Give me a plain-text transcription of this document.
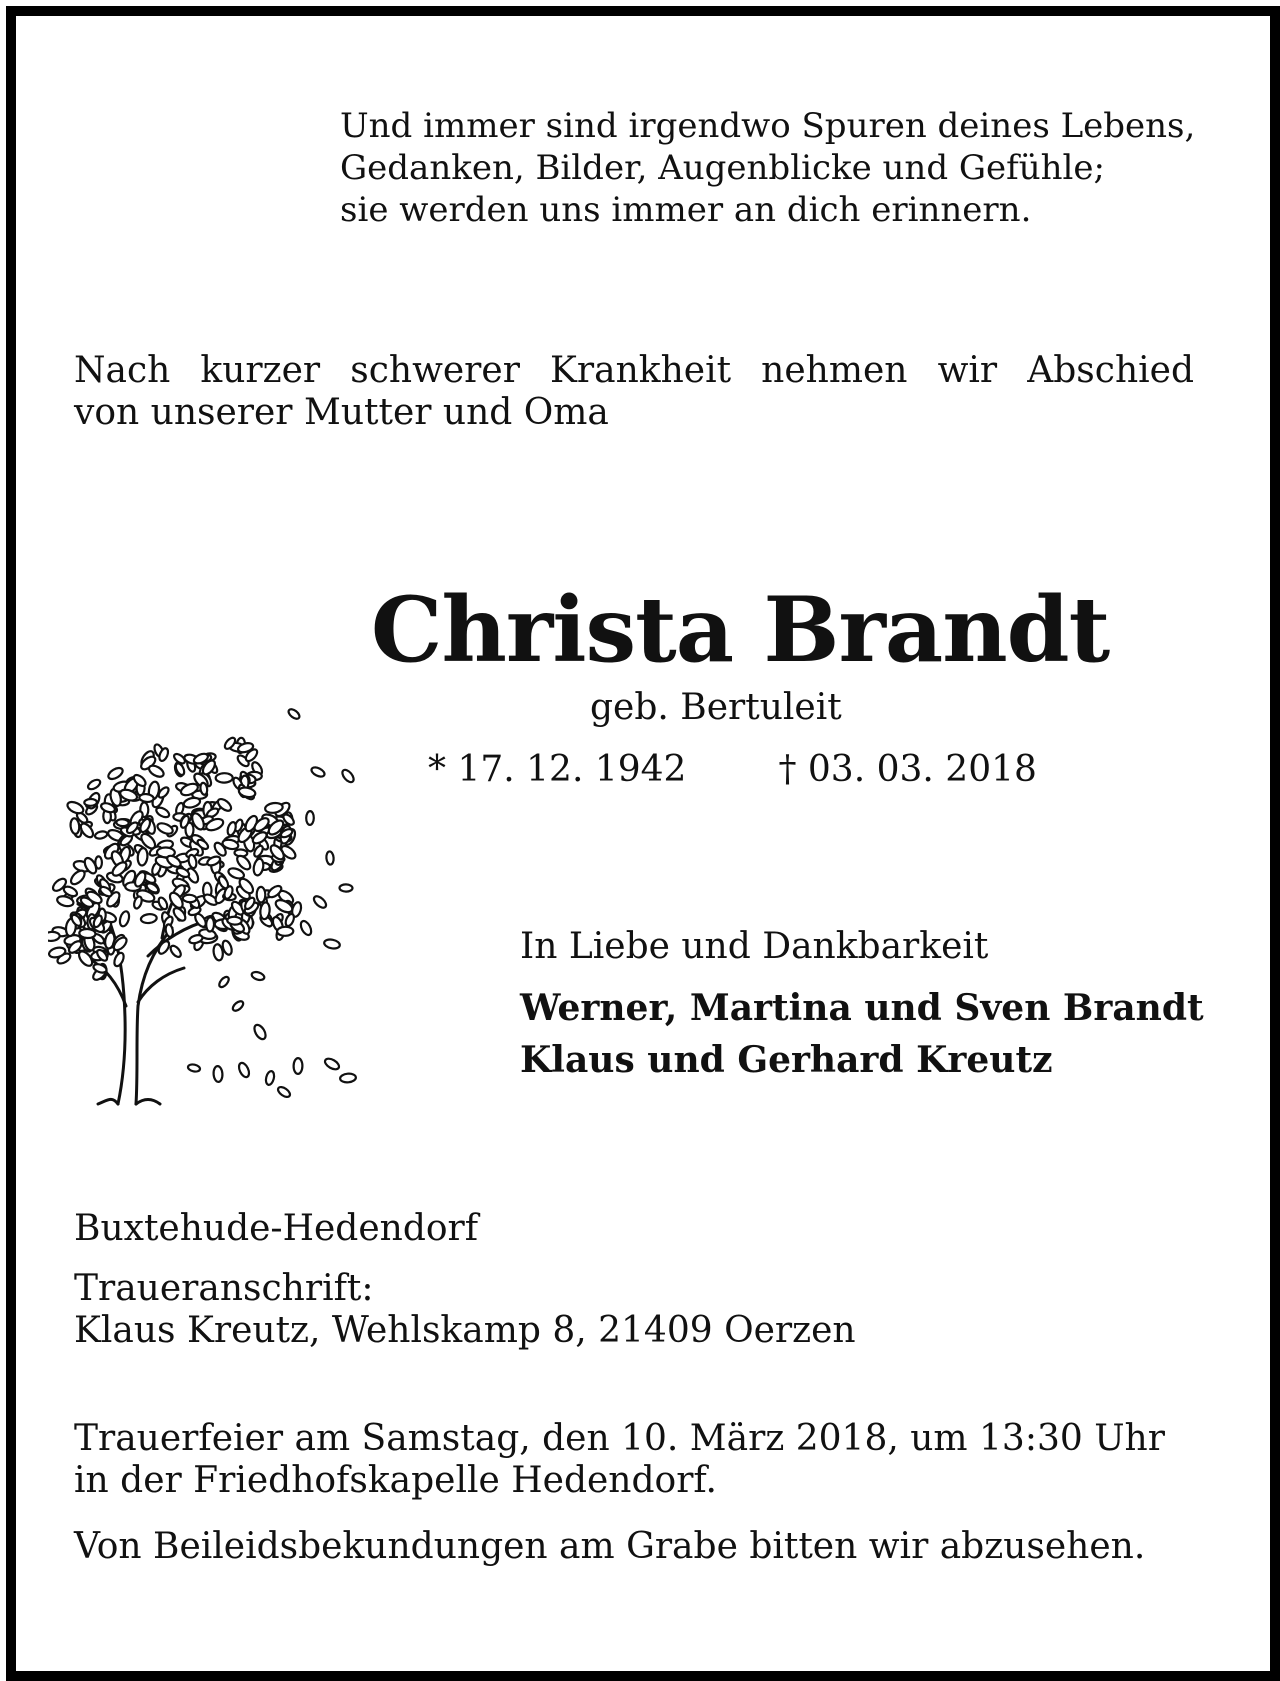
Und immer sind irgendwo Spuren deines Lebens,
Gedanken, Bilder, Augenblicke und Gefühle;
sie werden uns immer an dich erinnern.
Nach kurzer schwerer Krankheit nehmen wir Abschied
von unserer Mutter und Oma
Christa Brandt
geb. Bertuleit
* 17. 12. 1942	† 03. 03. 2018
In Liebe und Dankbarkeit
Werner, Martina und Sven Brandt
Klaus und Gerhard Kreutz
Buxtehude-Hedendorf
Traueranschrift:
Klaus Kreutz, Wehlskamp 8, 21409 Oerzen
Trauerfeier am Samstag, den 10. März 2018, um 13:30 Uhr
in der Friedhofskapelle Hedendorf.
Von Beileidsbekundungen am Grabe bitten wir abzusehen.
